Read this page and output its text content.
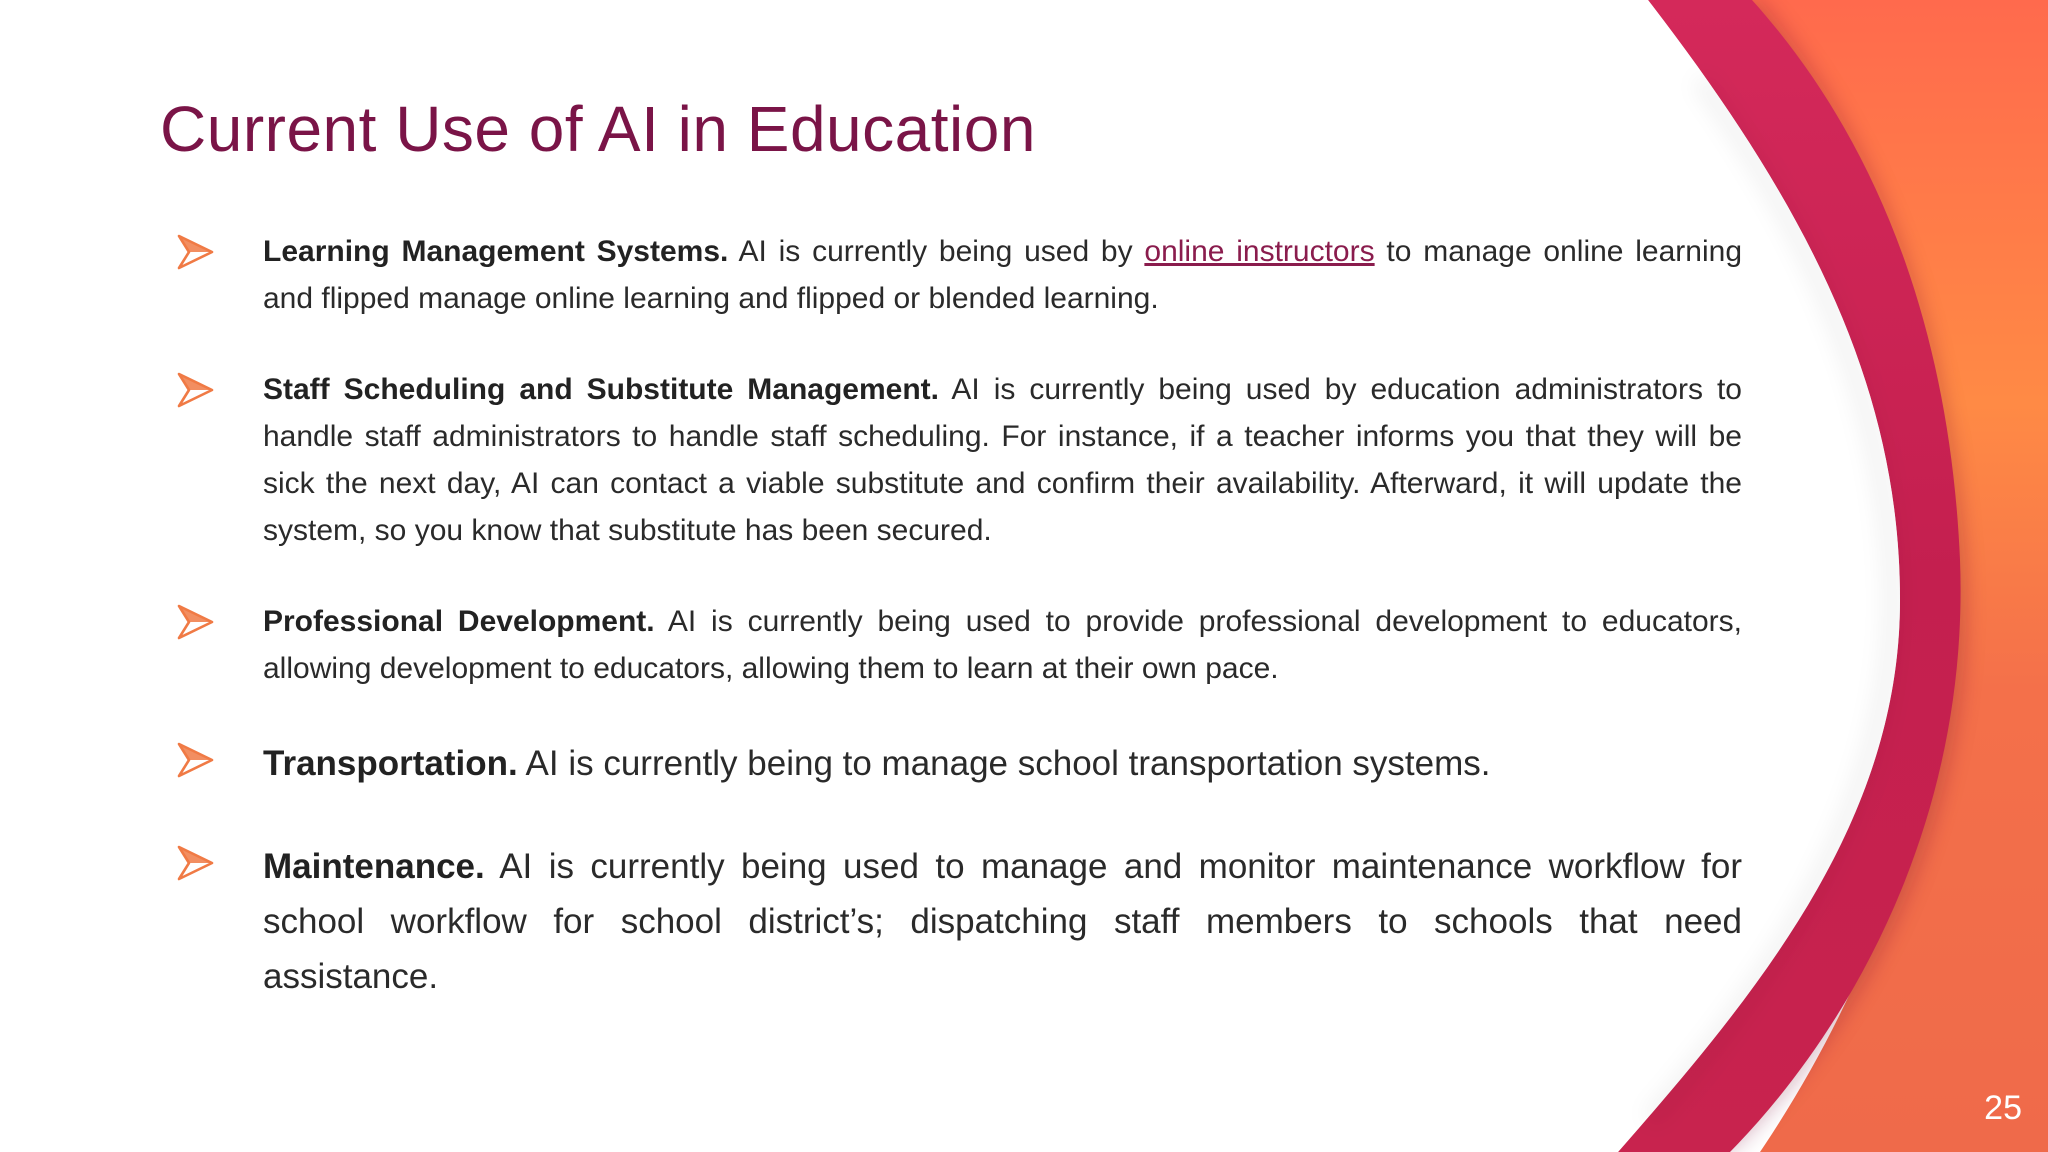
Current Use of AI in Education

Learning Management Systems. AI is currently being used by online instructors to manage online learning and flipped manage online learning and flipped or blended learning.

Staff Scheduling and Substitute Management. AI is currently being used by education administrators to handle staff administrators to handle staff scheduling. For instance, if a teacher informs you that they will be sick the next day, AI can contact a viable substitute and confirm their availability. Afterward, it will update the system, so you know that substitute has been secured.

Professional Development. AI is currently being used to provide professional development to educators, allowing development to educators, allowing them to learn at their own pace.

Transportation. AI is currently being to manage school transportation systems.

Maintenance. AI is currently being used to manage and monitor maintenance workflow for school workflow for school district’s; dispatching staff members to schools that need assistance.

25
